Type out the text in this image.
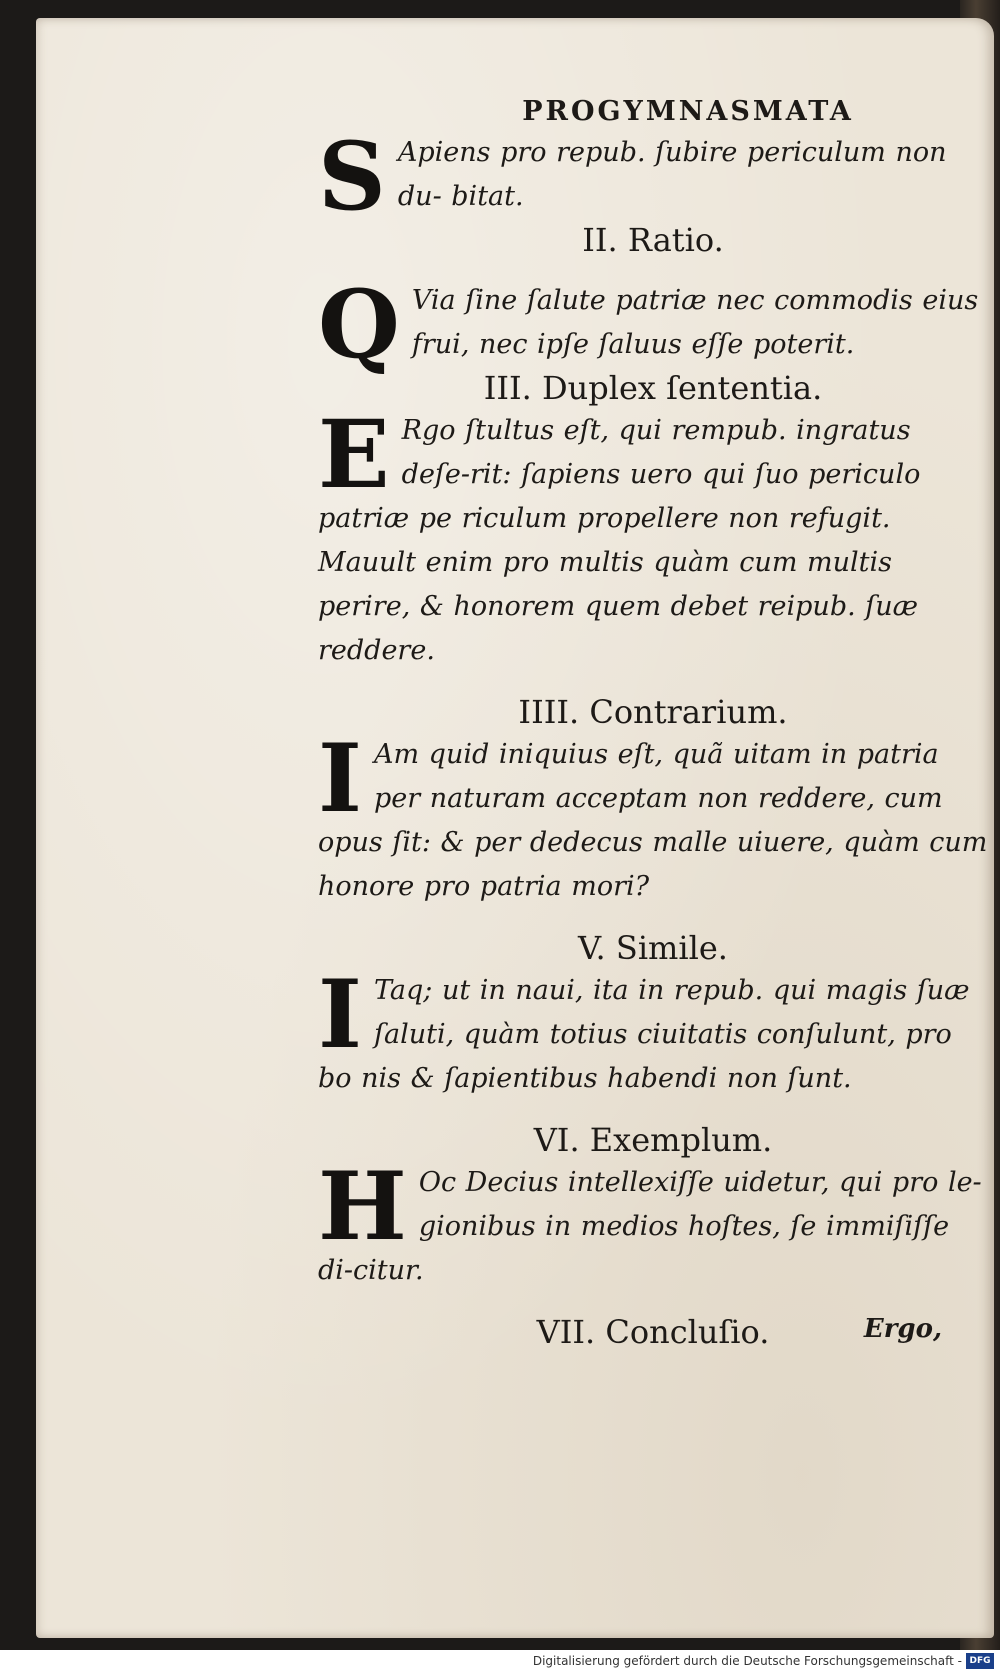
PROGYMNASMATA

S Apiens pro repub. ſubire periculum non du- bitat.

II. Ratio.

Q Via ſine ſalute patriæ nec commodis eius frui, nec ipſe ſaluus eſſe poterit.

III. Duplex ſententia.

E Rgo ſtultus eſt, qui rempub. ingratus deſe-rit: ſapiens uero qui ſuo periculo patriæ pe riculum propellere non refugit. Mauult enim pro multis quàm cum multis perire, & honorem quem debet reipub. ſuæ reddere.

IIII. Contrarium.

I Am quid iniquius eſt, quã uitam in patria per naturam acceptam non reddere, cum opus ſit: & per dedecus malle uiuere, quàm cum honore pro patria mori?

V. Simile.

I Taq; ut in naui, ita in repub. qui magis ſuæ ſaluti, quàm totius ciuitatis conſulunt, pro bo nis & ſapientibus habendi non ſunt.

VI. Exemplum.

H Oc Decius intellexiſſe uidetur, qui pro le-gionibus in medios hoſtes, ſe immiſiſſe di-citur.

VII. Concluſio.	Ergo,
Digitalisierung gefördert durch die Deutsche Forschungsgemeinschaft - DFG
